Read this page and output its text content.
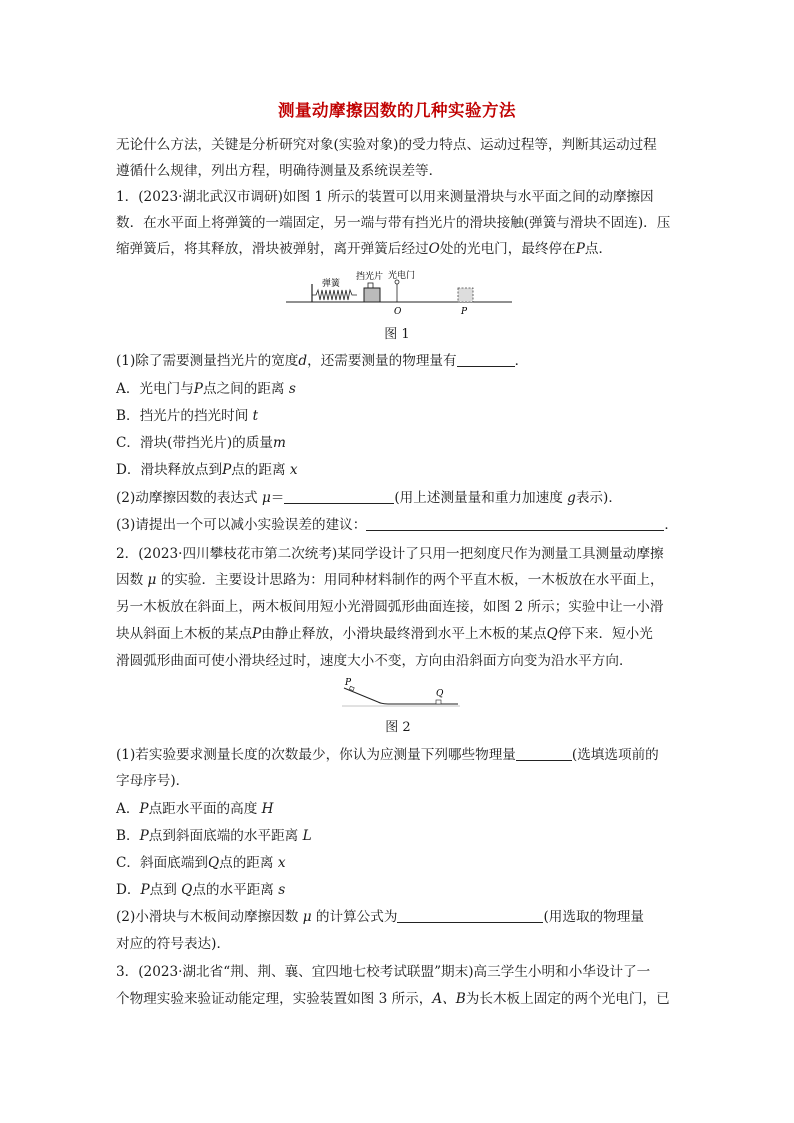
测量动摩擦因数的几种实验方法
无论什么方法，关键是分析研究对象(实验对象)的受力特点、运动过程等，判断其运动过程
遵循什么规律，列出方程，明确待测量及系统误差等．
1．(2023·湖北武汉市调研)如图 1 所示的装置可以用来测量滑块与水平面之间的动摩擦因
数．在水平面上将弹簧的一端固定，另一端与带有挡光片的滑块接触(弹簧与滑块不固连)．压
缩弹簧后，将其释放，滑块被弹射，离开弹簧后经过O处的光电门，最终停在P点．
弹簧
挡光片 光电门
O	P
图 1
(1)除了需要测量挡光片的宽度d，还需要测量的物理量有	．
A．光电门与P点之间的距离 s
B．挡光片的挡光时间 t
C．滑块(带挡光片)的质量m
D．滑块释放点到P点的距离 x
(2)动摩擦因数的表达式 μ＝	(用上述测量量和重力加速度 g表示)．
(3)请提出一个可以减小实验误差的建议：	．
2．(2023·四川攀枝花市第二次统考)某同学设计了只用一把刻度尺作为测量工具测量动摩擦
因数 μ 的实验．主要设计思路为：用同种材料制作的两个平直木板，一木板放在水平面上，
另一木板放在斜面上，两木板间用短小光滑圆弧形曲面连接，如图 2 所示；实验中让一小滑
块从斜面上木板的某点P由静止释放，小滑块最终滑到水平上木板的某点Q停下来．短小光
滑圆弧形曲面可使小滑块经过时，速度大小不变，方向由沿斜面方向变为沿水平方向．
P
Q
图 2
(1)若实验要求测量长度的次数最少，你认为应测量下列哪些物理量	(选填选项前的
字母序号)．
A．P点距水平面的高度 H
B．P点到斜面底端的水平距离 L
C．斜面底端到Q点的距离 x
D．P点到 Q点的水平距离 s
(2)小滑块与木板间动摩擦因数 μ 的计算公式为	(用选取的物理量
对应的符号表达)．
3．(2023·湖北省“荆、荆、襄、宜四地七校考试联盟”期末)高三学生小明和小华设计了一
个物理实验来验证动能定理，实验装置如图 3 所示，A、B为长木板上固定的两个光电门，已
